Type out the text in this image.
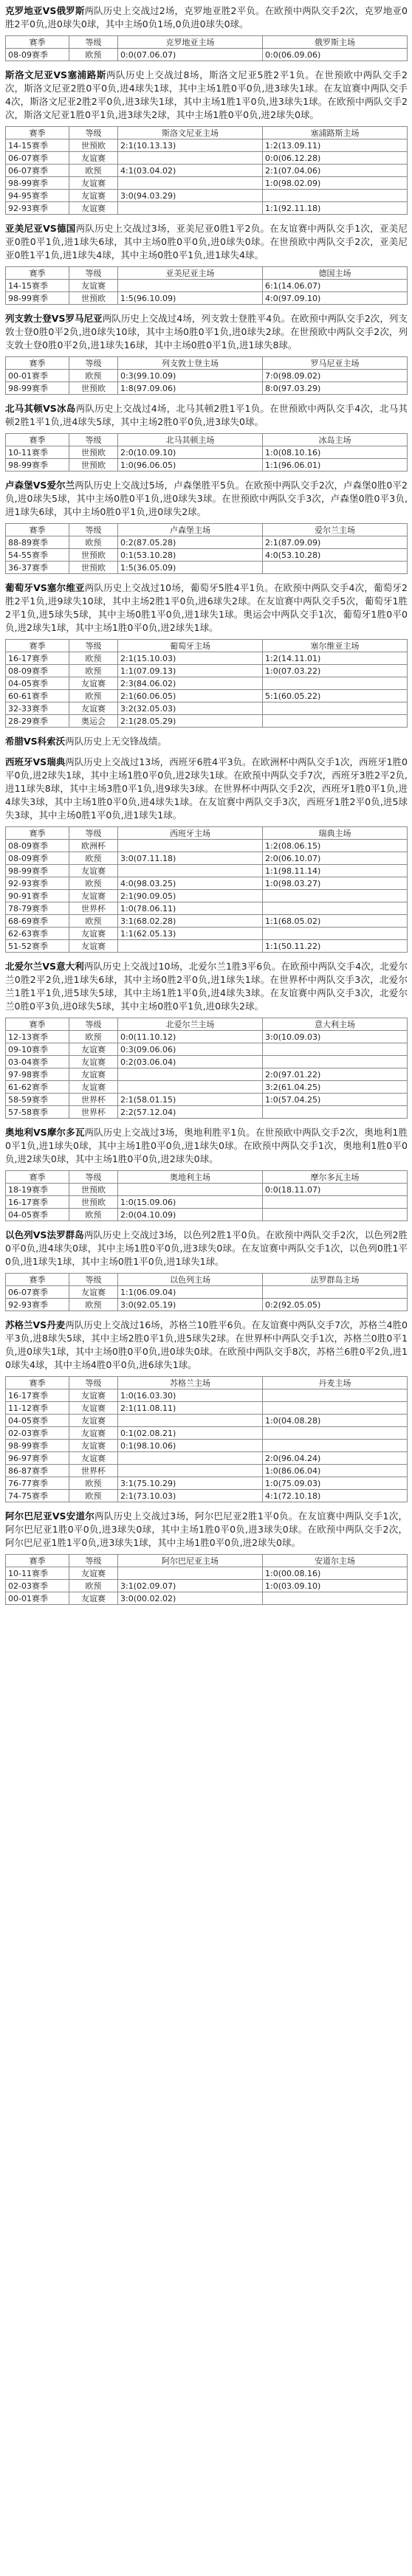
克罗地亚VS俄罗斯两队历史上交战过2场，克罗地亚胜2平负。在欧预中两队交手2次，克罗地亚0胜2平0负,进0球失0球，其中主场0负1场,0负进0球失0球。

赛季	等级	克罗地亚主场	俄罗斯主场
08-09赛季	欧预	0:0(07.06.07)	0:0(06.09.06)

斯洛文尼亚VS塞浦路斯两队历史上交战过8场，斯洛文尼亚5胜2平1负。在世预欧中两队交手2次，斯洛文尼亚2胜0平0负,进4球失1球，其中主场1胜0平0负,进3球失1球。在友谊赛中两队交手4次，斯洛文尼亚2胜2平0负,进3球失1球，其中主场1胜1平0负,进3球失1球。在欧预中两队交手2次，斯洛文尼亚1胜0平1负,进3球失2球，其中主场1胜0平0负,进2球失0球。

赛季	等级	斯洛文尼亚主场	塞浦路斯主场
14-15赛季	世预欧	2:1(10.13.13)	1:2(13.09.11)
06-07赛季	友谊赛		0:0(06.12.28)
06-07赛季	欧预	4:1(03.04.02)	2:1(07.04.06)
98-99赛季	友谊赛		1:0(98.02.09)
94-95赛季	友谊赛	3:0(94.03.29)	
92-93赛季	友谊赛		1:1(92.11.18)

亚美尼亚VS德国两队历史上交战过3场，亚美尼亚0胜1平2负。在友谊赛中两队交手1次，亚美尼亚0胜0平1负,进1球失6球，其中主场0胜0平0负,进0球失0球。在世预欧中两队交手2次，亚美尼亚0胜1平1负,进1球失4球，其中主场0胜0平1负,进1球失4球。

赛季	等级	亚美尼亚主场	德国主场
14-15赛季	友谊赛		6:1(14.06.07)
98-99赛季	世预欧	1:5(96.10.09)	4:0(97.09.10)

列支敦士登VS罗马尼亚两队历史上交战过4场，列支敦士登胜平4负。在欧预中两队交手2次，列支敦士登0胜0平2负,进0球失10球，其中主场0胜0平1负,进0球失2球。在世预欧中两队交手2次，列支敦士登0胜0平2负,进1球失16球，其中主场0胜0平1负,进1球失8球。

赛季	等级	列支敦士登主场	罗马尼亚主场
00-01赛季	欧预	0:3(99.10.09)	7:0(98.09.02)
98-99赛季	世预欧	1:8(97.09.06)	8:0(97.03.29)

北马其顿VS冰岛两队历史上交战过4场，北马其顿2胜1平1负。在世预欧中两队交手4次，北马其顿2胜1平1负,进4球失5球，其中主场2胜0平0负,进3球失0球。

赛季	等级	北马其顿主场	冰岛主场
10-11赛季	世预欧	2:0(10.09.10)	1:0(08.10.16)
98-99赛季	世预欧	1:0(96.06.05)	1:1(96.06.01)

卢森堡VS爱尔兰两队历史上交战过5场，卢森堡胜平5负。在欧预中两队交手2次，卢森堡0胜0平2负,进0球失5球，其中主场0胜0平1负,进0球失3球。在世预欧中两队交手3次，卢森堡0胜0平3负,进1球失6球，其中主场0胜0平1负,进0球失2球。

赛季	等级	卢森堡主场	爱尔兰主场
88-89赛季	欧预	0:2(87.05.28)	2:1(87.09.09)
54-55赛季	世预欧	0:1(53.10.28)	4:0(53.10.28)
36-37赛季	世预欧	1:5(36.05.09)	

葡萄牙VS塞尔维亚两队历史上交战过10场，葡萄牙5胜4平1负。在欧预中两队交手4次，葡萄牙2胜2平1负,进9球失10球，其中主场2胜1平0负,进6球失2球。在友谊赛中两队交手5次，葡萄牙1胜2平1负,进5球失5球，其中主场0胜1平0负,进1球失1球。奥运会中两队交手1次，葡萄牙1胜0平0负,进2球失1球，其中主场1胜0平0负,进2球失1球。

赛季	等级	葡萄牙主场	塞尔维亚主场
16-17赛季	欧预	2:1(15.10.03)	1:2(14.11.01)
08-09赛季	欧预	1:1(07.09.13)	1:0(07.03.22)
04-05赛季	友谊赛	2:3(84.06.02)	
60-61赛季	欧预	2:1(60.06.05)	5:1(60.05.22)
32-33赛季	友谊赛	3:2(32.05.03)	
28-29赛季	奥运会	2:1(28.05.29)	

希腊VS科索沃两队历史上无交锋战绩。

西班牙VS瑞典两队历史上交战过13场，西班牙6胜4平3负。在欧洲杯中两队交手1次，西班牙1胜0平0负,进2球失1球，其中主场1胜0平0负,进2球失1球。在欧预中两队交手7次，西班牙3胜2平2负,进11球失8球，其中主场3胜0平1负,进9球失3球。在世界杯中两队交手2次，西班牙1胜0平1负,进4球失3球，其中主场1胜0平0负,进4球失1球。在友谊赛中两队交手3次，西班牙1胜2平0负,进5球失3球，其中主场0胜1平0负,进1球失1球。

赛季	等级	西班牙主场	瑞典主场
08-09赛季	欧洲杯		1:2(08.06.15)
08-09赛季	欧预	3:0(07.11.18)	2:0(06.10.07)
98-99赛季	友谊赛		1:1(98.11.14)
92-93赛季	欧预	4:0(98.03.25)	1:0(98.03.27)
90-91赛季	友谊赛	2:1(90.09.05)	
78-79赛季	世界杯	1:0(78.06.11)	
68-69赛季	欧预	3:1(68.02.28)	1:1(68.05.02)
62-63赛季	友谊赛	1:1(62.05.13)	
51-52赛季	友谊赛		1:1(50.11.22)

北爱尔兰VS意大利两队历史上交战过10场，北爱尔兰1胜3平6负。在欧预中两队交手4次，北爱尔兰0胜2平2负,进1球失6球，其中主场0胜2平0负,进1球失1球。在世界杯中两队交手3次，北爱尔兰1胜1平1负,进5球失5球，其中主场1胜1平0负,进4球失3球。在友谊赛中两队交手3次，北爱尔兰0胜0平3负,进0球失5球，其中主场0胜0平1负,进0球失2球。

赛季	等级	北爱尔兰主场	意大利主场
12-13赛季	欧预	0:0(11.10.12)	3:0(10.09.03)
09-10赛季	友谊赛	0:3(09.06.06)	
03-04赛季	友谊赛	0:2(03.06.04)	
97-98赛季	友谊赛		2:0(97.01.22)
61-62赛季	友谊赛		3:2(61.04.25)
58-59赛季	世界杯	2:1(58.01.15)	1:0(57.04.25)
57-58赛季	世界杯	2:2(57.12.04)	

奥地利VS摩尔多瓦两队历史上交战过3场，奥地利胜平1负。在世预欧中两队交手2次，奥地利1胜0平1负,进1球失0球，其中主场1胜0平0负,进1球失0球。在欧预中两队交手1次，奥地利1胜0平0负,进2球失0球，其中主场1胜0平0负,进2球失0球。

赛季	等级	奥地利主场	摩尔多瓦主场
18-19赛季	世预欧		0:0(18.11.07)
16-17赛季	世预欧	1:0(15.09.06)	
04-05赛季	欧预	2:0(04.10.09)	

以色列VS法罗群岛两队历史上交战过3场，以色列2胜1平0负。在欧预中两队交手2次，以色列2胜0平0负,进4球失0球，其中主场1胜0平0负,进3球失0球。在友谊赛中两队交手1次，以色列0胜1平0负,进1球失1球，其中主场0胜1平0负,进1球失1球。

赛季	等级	以色列主场	法罗群岛主场
06-07赛季	友谊赛	1:1(06.09.04)	
92-93赛季	欧预	3:0(92.05.19)	0:2(92.05.05)

苏格兰VS丹麦两队历史上交战过16场，苏格兰10胜平6负。在友谊赛中两队交手7次，苏格兰4胜0平3负,进8球失5球，其中主场2胜0平1负,进5球失2球。在世界杯中两队交手1次，苏格兰0胜0平1负,进0球失1球，其中主场0胜0平0负,进0球失0球。在欧预中两队交手8次，苏格兰6胜0平2负,进10球失4球，其中主场4胜0平0负,进6球失1球。

赛季	等级	苏格兰主场	丹麦主场
16-17赛季	友谊赛	1:0(16.03.30)	
11-12赛季	友谊赛	2:1(11.08.11)	
04-05赛季	友谊赛		1:0(04.08.28)
02-03赛季	友谊赛	0:1(02.08.21)	
98-99赛季	友谊赛	0:1(98.10.06)	
96-97赛季	友谊赛		2:0(96.04.24)
86-87赛季	世界杯		1:0(86.06.04)
76-77赛季	欧预	3:1(75.10.29)	1:0(75.09.03)
74-75赛季	欧预	2:1(73.10.03)	4:1(72.10.18)

阿尔巴尼亚VS安道尔两队历史上交战过3场，阿尔巴尼亚2胜1平0负。在友谊赛中两队交手1次，阿尔巴尼亚1胜0平0负,进3球失0球，其中主场1胜0平0负,进3球失0球。在欧预中两队交手2次，阿尔巴尼亚1胜1平0负,进3球失1球，其中主场1胜0平0负,进2球失0球。

赛季	等级	阿尔巴尼亚主场	安道尔主场
10-11赛季	友谊赛		1:0(00.08.16)
02-03赛季	欧预	3:1(02.09.07)	1:0(03.09.10)
00-01赛季	友谊赛	3:0(00.02.02)	
